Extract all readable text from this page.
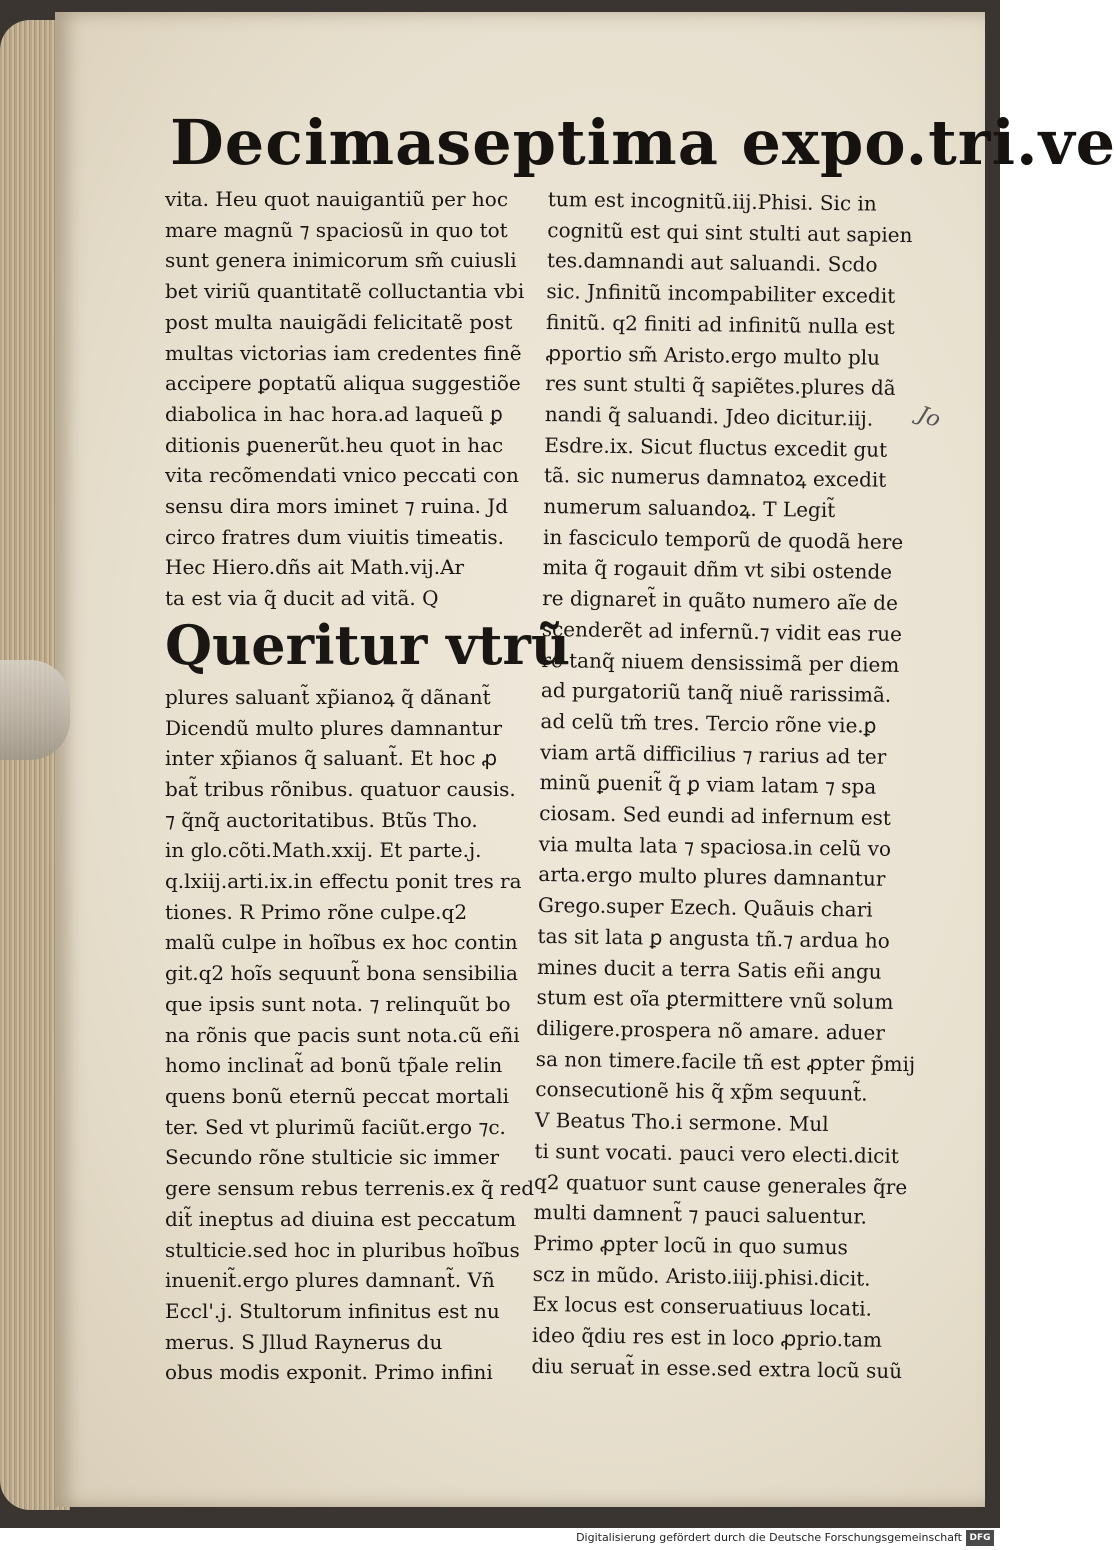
Decimaseptima expo.tri.ve
vita. Heu quot nauigantiũ per hoc
mare magnũ ⁊ spaciosũ in quo tot
sunt genera inimicorum sm̃ cuiusli
bet viriũ quantitatẽ colluctantia vbi
post multa nauigãdi felicitatẽ post
multas victorias iam credentes finẽ
accipere ꝑoptatũ aliqua suggestiõe
diabolica in hac hora.ad laqueũ ꝑ
ditionis ꝑuenerũt.heu quot in hac
vita recõmendati vnico peccati con
sensu dira mors iminet ⁊ ruina. Jd
circo fratres dum viuitis timeatis.
Hec Hiero.dñs ait Math.vij.Ar
ta est via q̃ ducit ad vitã. Q
Queritur vtrũ
plures saluant̃ xp̃ianoꝝ q̃ dãnant̃
Dicendũ multo plures damnantur
inter xp̃ianos q̃ saluant̃. Et hoc ꝓ
bat̃ tribus rõnibus. quatuor causis.
⁊ q̃nq̃ auctoritatibus. Btũs Tho.
in glo.cõti.Math.xxij. Et parte.j.
q.lxiij.arti.ix.in effectu ponit tres ra
tiones. R Primo rõne culpe.q2
malũ culpe in hoĩbus ex hoc contin
git.q2 hoĩs sequunt̃ bona sensibilia
que ipsis sunt nota. ⁊ relinquũt bo
na rõnis que pacis sunt nota.cũ eñi
homo inclinat̃ ad bonũ tp̃ale relin
quens bonũ eternũ peccat mortali
ter. Sed vt plurimũ faciũt.ergo ⁊c.
Secundo rõne stulticie sic immer
gere sensum rebus terrenis.ex q̃ red
dit̃ ineptus ad diuina est peccatum
stulticie.sed hoc in pluribus hoĩbus
inuenit̃.ergo plures damnant̃. Vñ
Eccl'.j. Stultorum infinitus est nu
merus. S Jllud Raynerus du
obus modis exponit. Primo infini
tum est incognitũ.iij.Phisi. Sic in
cognitũ est qui sint stulti aut sapien
tes.damnandi aut saluandi. Scdo
sic. Jnfinitũ incompabiliter excedit
finitũ. q2 finiti ad infinitũ nulla est
ꝓportio sm̃ Aristo.ergo multo plu
res sunt stulti q̃ sapiẽtes.plures dã
nandi q̃ saluandi. Jdeo dicitur.iij.
Esdre.ix. Sicut fluctus excedit gut
tã. sic numerus damnatoꝝ excedit
numerum saluandoꝝ. T Legit̃
in fasciculo temporũ de quodã here
mita q̃ rogauit dñm vt sibi ostende
re dignaret̃ in quãto numero aĩe de
scenderẽt ad infernũ.⁊ vidit eas rue
re tanq̃ niuem densissimã per diem
ad purgatoriũ tanq̃ niuẽ rarissimã.
ad celũ tm̃ tres. Tercio rõne vie.ꝑ
viam artã difficilius ⁊ rarius ad ter
minũ ꝑuenit̃ q̃ ꝑ viam latam ⁊ spa
ciosam. Sed eundi ad infernum est
via multa lata ⁊ spaciosa.in celũ vo
arta.ergo multo plures damnantur
Grego.super Ezech. Quãuis chari
tas sit lata ꝑ angusta tñ.⁊ ardua ho
mines ducit a terra Satis eñi angu
stum est oĩa ꝑtermittere vnũ solum
diligere.prospera nõ amare. aduer
sa non timere.facile tñ est ꝓpter p̃mij
consecutionẽ his q̃ xp̃m sequunt̃.
V Beatus Tho.i sermone. Mul
ti sunt vocati. pauci vero electi.dicit
q2 quatuor sunt cause generales q̃re
multi damnent̃ ⁊ pauci saluentur.
Primo ꝓpter locũ in quo sumus
scz in mũdo. Aristo.iiij.phisi.dicit.
Ex locus est conseruatiuus locati.
ideo q̃diu res est in loco ꝓprio.tam
diu seruat̃ in esse.sed extra locũ suũ
Jo
Digitalisierung gefördert durch die Deutsche Forschungsgemeinschaft DFG
